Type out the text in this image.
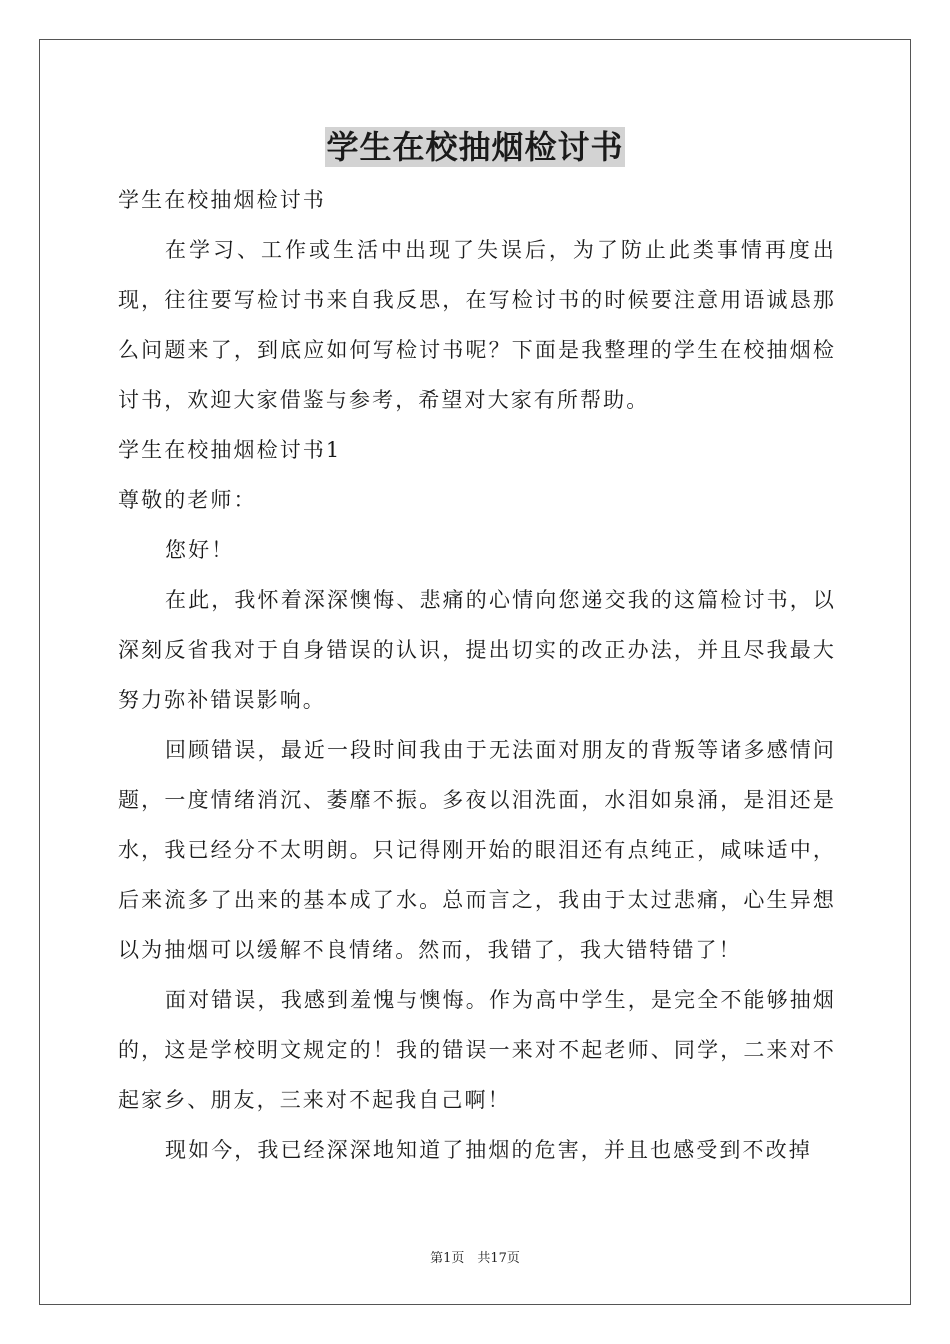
学生在校抽烟检讨书

学生在校抽烟检讨书

在学习、工作或生活中出现了失误后，为了防止此类事情再度出现，往往要写检讨书来自我反思，在写检讨书的时候要注意用语诚恳那么问题来了，到底应如何写检讨书呢？下面是我整理的学生在校抽烟检讨书，欢迎大家借鉴与参考，希望对大家有所帮助。

学生在校抽烟检讨书1

尊敬的老师：

您好！

在此，我怀着深深懊悔、悲痛的心情向您递交我的这篇检讨书，以深刻反省我对于自身错误的认识，提出切实的改正办法，并且尽我最大努力弥补错误影响。

回顾错误，最近一段时间我由于无法面对朋友的背叛等诸多感情问题，一度情绪消沉、萎靡不振。多夜以泪洗面，水泪如泉涌，是泪还是水，我已经分不太明朗。只记得刚开始的眼泪还有点纯正，咸味适中，后来流多了出来的基本成了水。总而言之，我由于太过悲痛，心生异想以为抽烟可以缓解不良情绪。然而，我错了，我大错特错了！

面对错误，我感到羞愧与懊悔。作为高中学生，是完全不能够抽烟的，这是学校明文规定的！我的错误一来对不起老师、同学，二来对不起家乡、朋友，三来对不起我自己啊！

现如今，我已经深深地知道了抽烟的危害，并且也感受到不改掉

第1页　共17页
